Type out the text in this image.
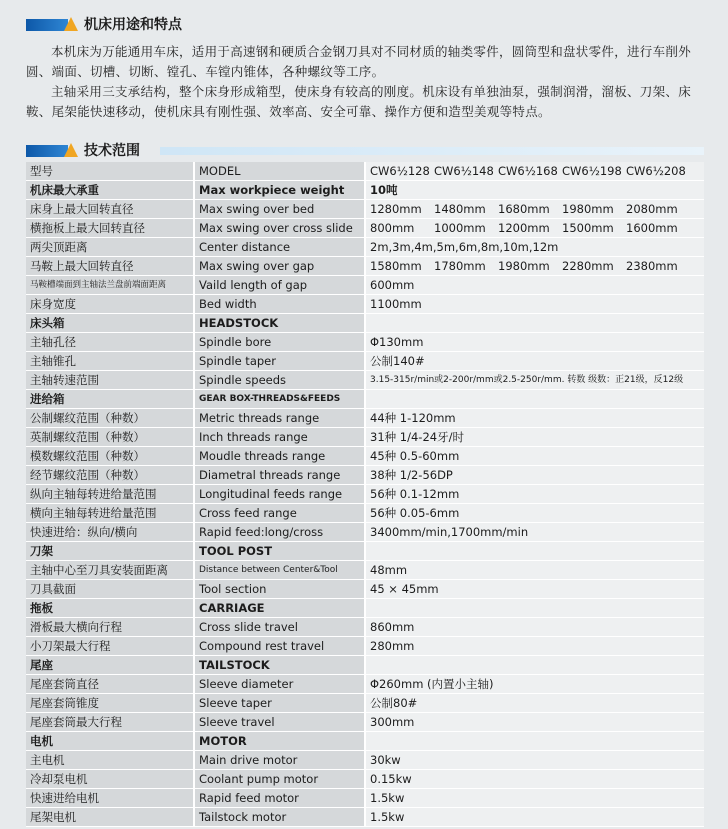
机床用途和特点

本机床为万能通用车床，适用于高速钢和硬质合金钢刀具对不同材质的轴类零件，圆筒型和盘状零件，进行车削外圆、端面、切槽、切断、镗孔、车镗内锥体，各种螺纹等工序。

主轴采用三支承结构，整个床身形成箱型，使床身有较高的刚度。机床设有单独油泵，强制润滑，溜板、刀架、床鞍、尾架能快速移动，使机床具有刚性强、效率高、安全可靠、操作方便和造型美观等特点。

技术范围
型号	MODEL	CW6½128 CW6½148 CW6½168 CW6½198 CW6½208
机床最大承重	Max workpiece weight	10吨
床身上最大回转直径	Max swing over bed	1280mm 1480mm 1680mm 1980mm 2080mm
横拖板上最大回转直径	Max swing over cross slide	800mm 1000mm 1200mm 1500mm 1600mm
两尖顶距离	Center distance	2m,3m,4m,5m,6m,8m,10m,12m
马鞍上最大回转直径	Max swing over gap	1580mm 1780mm 1980mm 2280mm 2380mm
马鞍槽端面到主轴法兰盘前端面距离	Vaild length of gap	600mm
床身宽度	Bed width	1100mm
床头箱	HEADSTOCK	
主轴孔径	Spindle bore	Φ130mm
主轴锥孔	Spindle taper	公制140#
主轴转速范围	Spindle speeds	3.15-315r/min或2-200r/mm或2.5-250r/mm. 转数 级数：正21级，反12级
进给箱	GEAR BOX-THREADS&FEEDS	
公制螺纹范围（种数）	Metric threads range	44种 1-120mm
英制螺纹范围（种数）	Inch threads range	31种 1/4-24牙/时
模数螺纹范围（种数）	Moudle threads range	45种 0.5-60mm
经节螺纹范围（种数）	Diametral threads range	38种 1/2-56DP
纵向主轴每转进给量范围	Longitudinal feeds range	56种 0.1-12mm
横向主轴每转进给量范围	Cross feed range	56种 0.05-6mm
快速进给：纵向/横向	Rapid feed:long/cross	3400mm/min,1700mm/min
刀架	TOOL POST	
主轴中心至刀具安装面距离	Distance between Center&Tool	48mm
刀具截面	Tool section	45 × 45mm
拖板	CARRIAGE	
滑板最大横向行程	Cross slide travel	860mm
小刀架最大行程	Compound rest travel	280mm
尾座	TAILSTOCK	
尾座套筒直径	Sleeve diameter	Φ260mm (内置小主轴)
尾座套筒锥度	Sleeve taper	公制80#
尾座套筒最大行程	Sleeve travel	300mm
电机	MOTOR	
主电机	Main drive motor	30kw
冷却泵电机	Coolant pump motor	0.15kw
快速进给电机	Rapid feed motor	1.5kw
尾架电机	Tailstock motor	1.5kw
